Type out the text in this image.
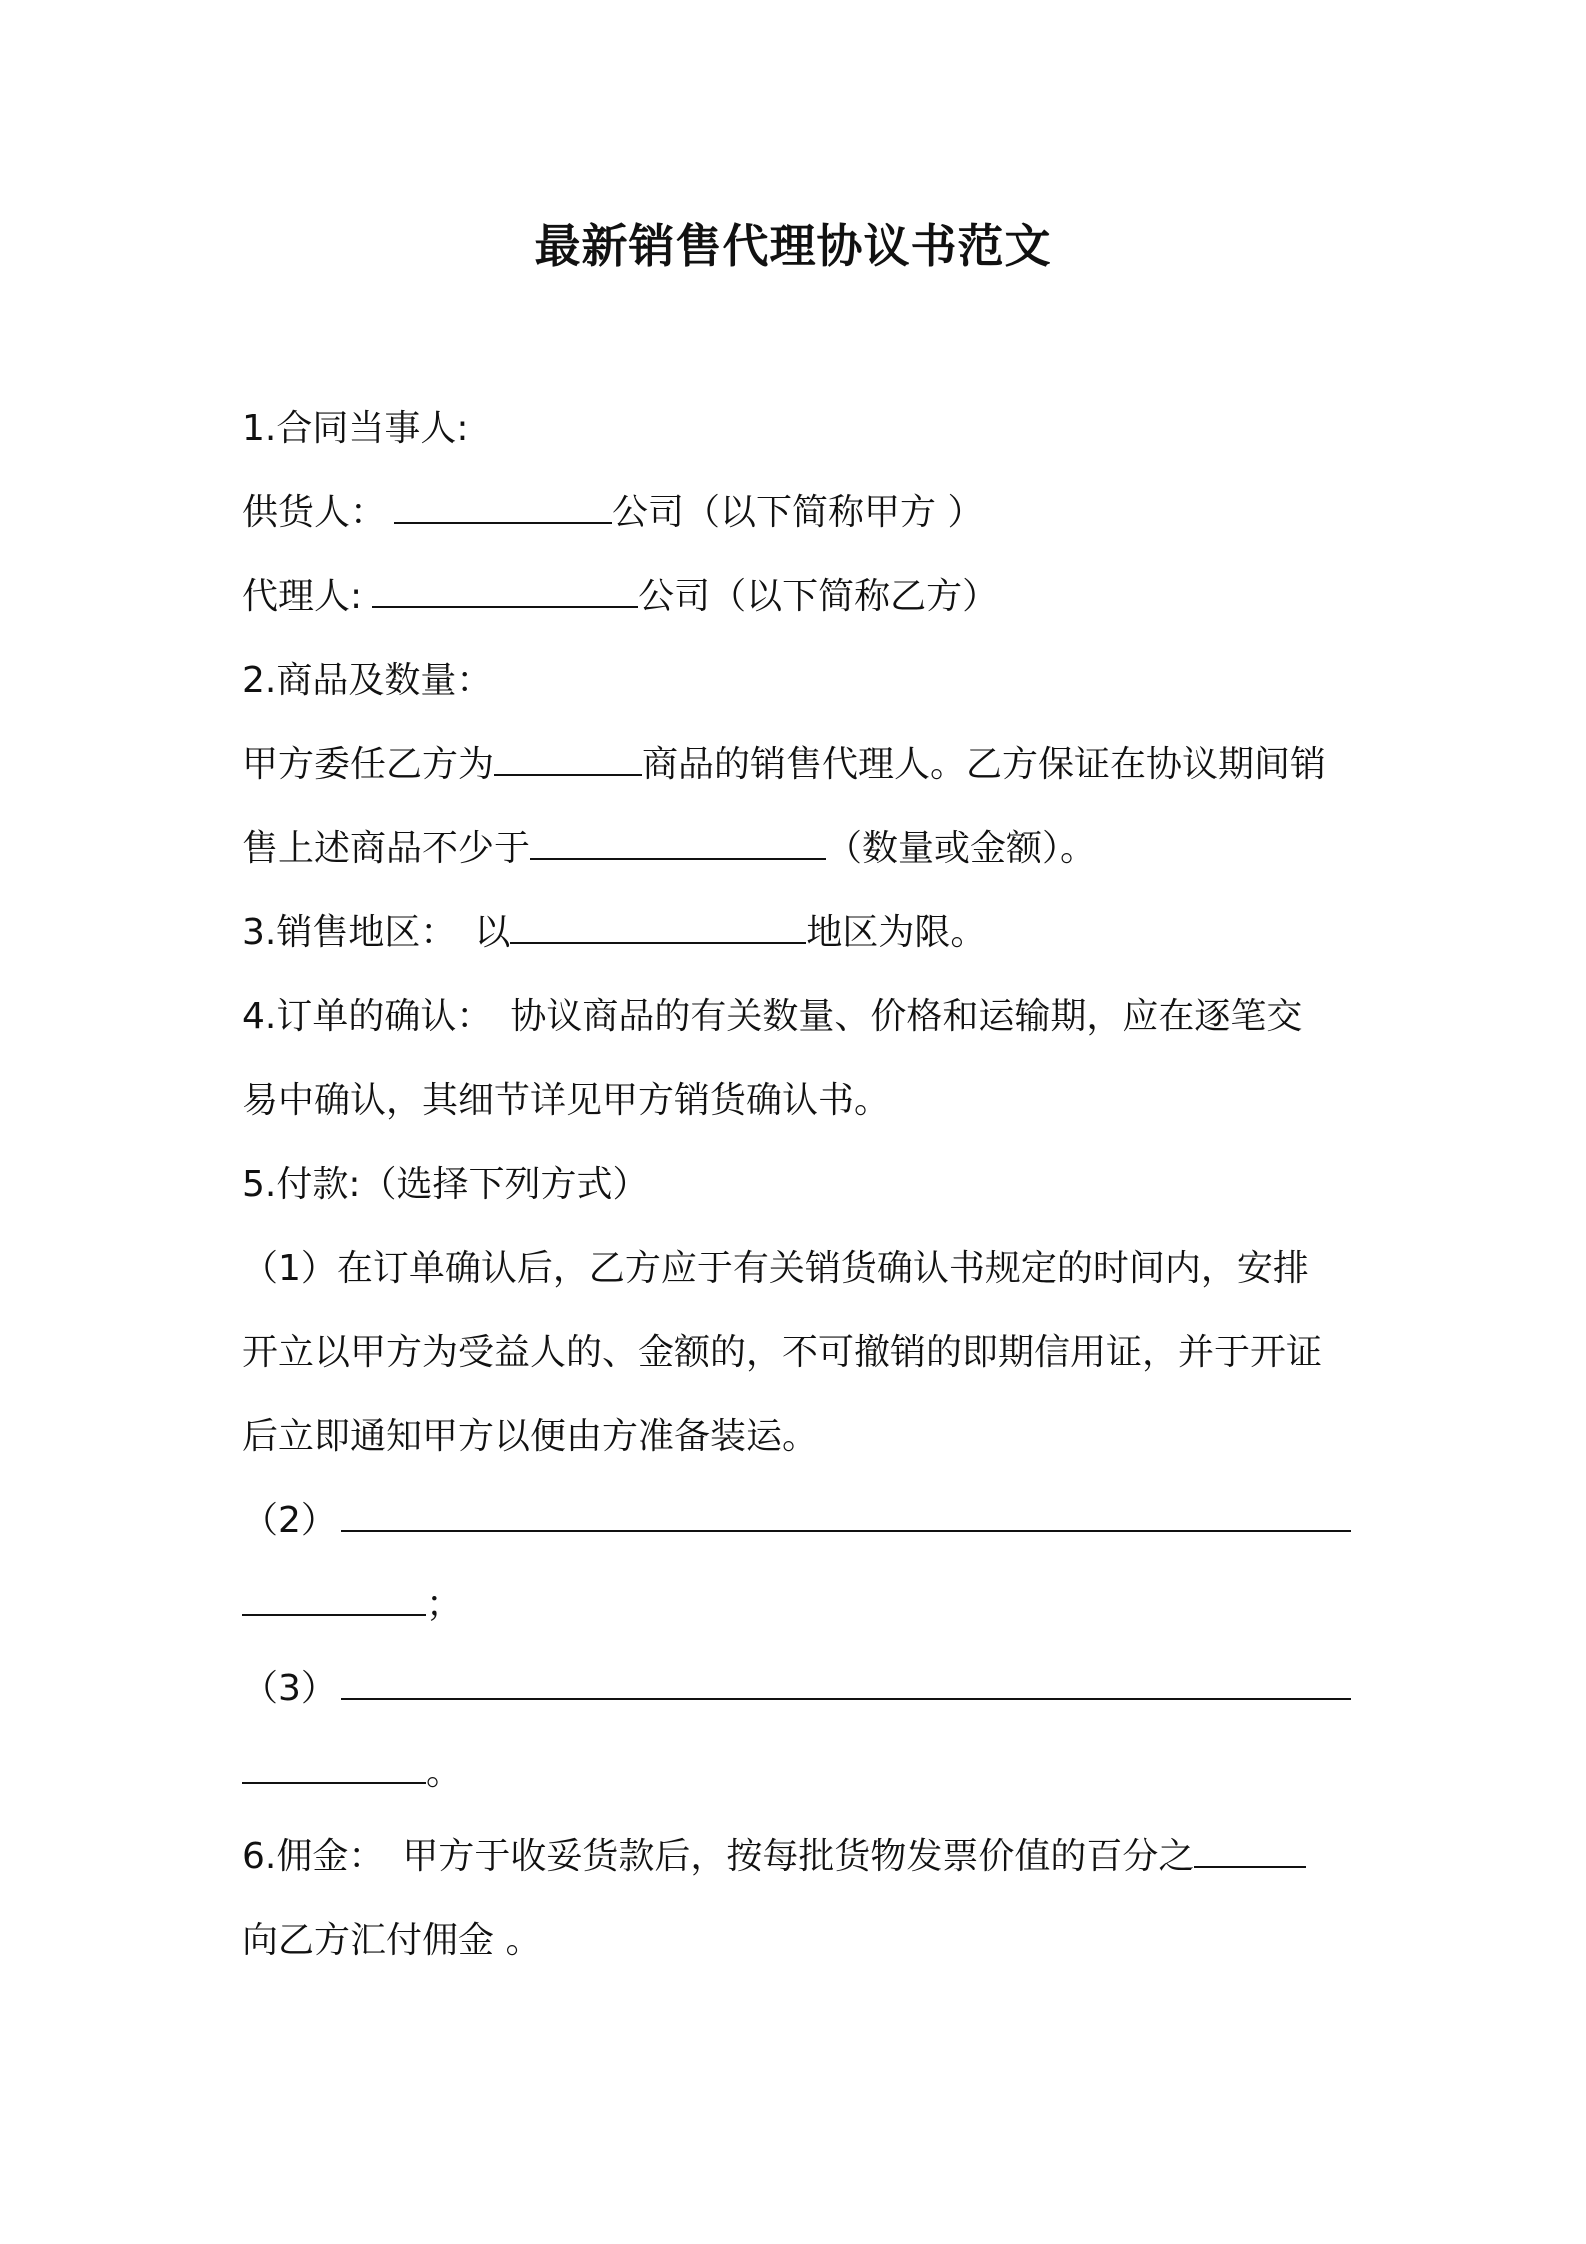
最新销售代理协议书范文
1.合同当事人:
供货人：	公司（以下简称甲方 ）
代理人:	公司（以下简称乙方）
2.商品及数量：
甲方委任乙方为	商品的销售代理人。乙方保证在协议期间销
售上述商品不少于	（数量或金额）。
3.销售地区： 以	地区为限。
4.订单的确认： 协议商品的有关数量、价格和运输期，应在逐笔交
易中确认，其细节详见甲方销货确认书。
5.付款:（选择下列方式）
（1）在订单确认后，乙方应于有关销货确认书规定的时间内，安排
开立以甲方为受益人的、金额的，不可撤销的即期信用证，并于开证
后立即通知甲方以便由方准备装运。
（2）
；
（3）
。
6.佣金： 甲方于收妥货款后，按每批货物发票价值的百分之
向乙方汇付佣金 。
